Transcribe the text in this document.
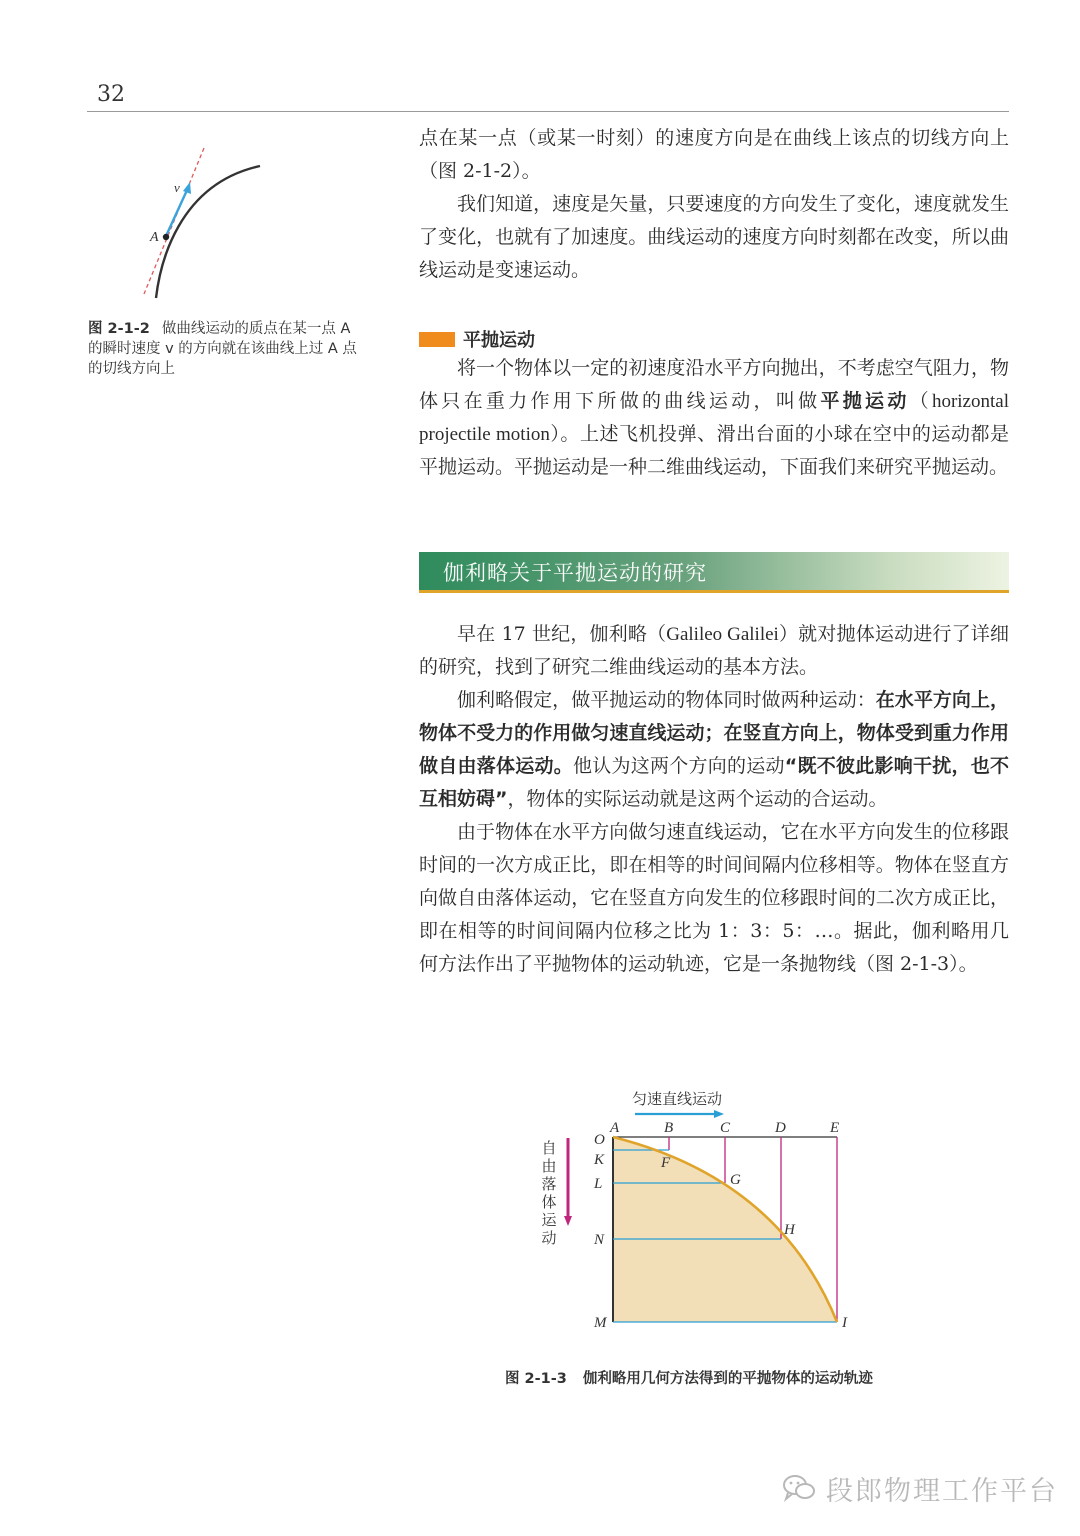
32
v
A
图 2-1-2 做曲线运动的质点在某一点 A 的瞬时速度 v 的方向就在该曲线上过 A 点的切线方向上

点在某一点（或某一时刻）的速度方向是在曲线上该点的切线方向上（图 2-1-2）。

我们知道，速度是矢量，只要速度的方向发生了变化，速度就发生了变化，也就有了加速度。曲线运动的速度方向时刻都在改变，所以曲线运动是变速运动。

平抛运动

将一个物体以一定的初速度沿水平方向抛出，不考虑空气阻力，物体只在重力作用下所做的曲线运动，叫做平抛运动（horizontal projectile motion）。上述飞机投弹、滑出台面的小球在空中的运动都是平抛运动。平抛运动是一种二维曲线运动，下面我们来研究平抛运动。

伽利略关于平抛运动的研究

早在 17 世纪，伽利略（Galileo Galilei）就对抛体运动进行了详细的研究，找到了研究二维曲线运动的基本方法。

伽利略假定，做平抛运动的物体同时做两种运动：在水平方向上，物体不受力的作用做匀速直线运动；在竖直方向上，物体受到重力作用做自由落体运动。他认为这两个方向的运动“既不彼此影响干扰，也不互相妨碍”，物体的实际运动就是这两个运动的合运动。

由于物体在水平方向做匀速直线运动，它在水平方向发生的位移跟时间的一次方成正比，即在相等的时间间隔内位移相等。物体在竖直方向做自由落体运动，它在竖直方向发生的位移跟时间的二次方成正比，即在相等的时间间隔内位移之比为 1：3：5：…。据此，伽利略用几何方法作出了平抛物体的运动轨迹，它是一条抛物线（图 2-1-3）。

匀速直线运动
自
由
落
体
运
动
A	B	C	D	E
O
K
L
N
M
F
G
H
I
图 2-1-3 伽利略用几何方法得到的平抛物体的运动轨迹
段郎物理工作平台
